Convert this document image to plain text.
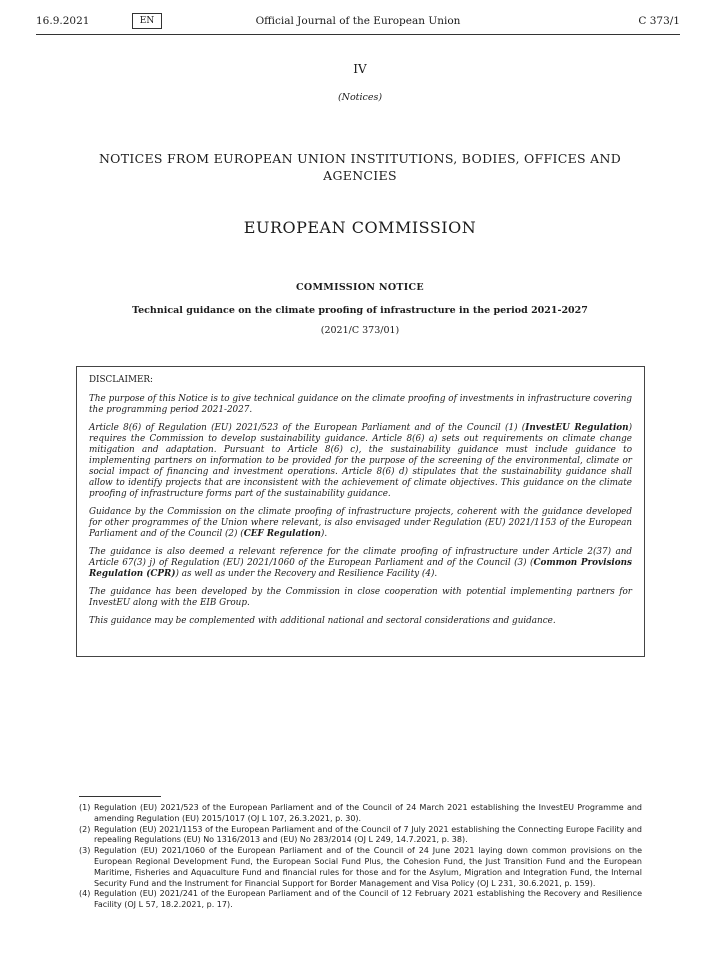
16.9.2021	EN	Official Journal of the European Union	C 373/1
IV
(Notices)
NOTICES FROM EUROPEAN UNION INSTITUTIONS, BODIES, OFFICES AND AGENCIES
EUROPEAN COMMISSION
COMMISSION NOTICE
Technical guidance on the climate proofing of infrastructure in the period 2021-2027
(2021/C 373/01)
DISCLAIMER:

The purpose of this Notice is to give technical guidance on the climate proofing of investments in infrastructure covering the programming period 2021-2027.

Article 8(6) of Regulation (EU) 2021/523 of the European Parliament and of the Council (1) (InvestEU Regulation) requires the Commission to develop sustainability guidance. Article 8(6) a) sets out requirements on climate change mitigation and adaptation. Pursuant to Article 8(6) c), the sustainability guidance must include guidance to implementing partners on information to be provided for the purpose of the screening of the environmental, climate or social impact of financing and investment operations. Article 8(6) d) stipulates that the sustainability guidance shall allow to identify projects that are inconsistent with the achievement of climate objectives. This guidance on the climate proofing of infrastructure forms part of the sustainability guidance.

Guidance by the Commission on the climate proofing of infrastructure projects, coherent with the guidance developed for other programmes of the Union where relevant, is also envisaged under Regulation (EU) 2021/1153 of the European Parliament and of the Council (2) (CEF Regulation).

The guidance is also deemed a relevant reference for the climate proofing of infrastructure under Article 2(37) and Article 67(3) j) of Regulation (EU) 2021/1060 of the European Parliament and of the Council (3) (Common Provisions Regulation (CPR)) as well as under the Recovery and Resilience Facility (4).

The guidance has been developed by the Commission in close cooperation with potential implementing partners for InvestEU along with the EIB Group.

This guidance may be complemented with additional national and sectoral considerations and guidance.

(1) Regulation (EU) 2021/523 of the European Parliament and of the Council of 24 March 2021 establishing the InvestEU Programme and amending Regulation (EU) 2015/1017 (OJ L 107, 26.3.2021, p. 30).
(2) Regulation (EU) 2021/1153 of the European Parliament and of the Council of 7 July 2021 establishing the Connecting Europe Facility and repealing Regulations (EU) No 1316/2013 and (EU) No 283/2014 (OJ L 249, 14.7.2021, p. 38).
(3) Regulation (EU) 2021/1060 of the European Parliament and of the Council of 24 June 2021 laying down common provisions on the European Regional Development Fund, the European Social Fund Plus, the Cohesion Fund, the Just Transition Fund and the European Maritime, Fisheries and Aquaculture Fund and financial rules for those and for the Asylum, Migration and Integration Fund, the Internal Security Fund and the Instrument for Financial Support for Border Management and Visa Policy (OJ L 231, 30.6.2021, p. 159).
(4) Regulation (EU) 2021/241 of the European Parliament and of the Council of 12 February 2021 establishing the Recovery and Resilience Facility (OJ L 57, 18.2.2021, p. 17).
